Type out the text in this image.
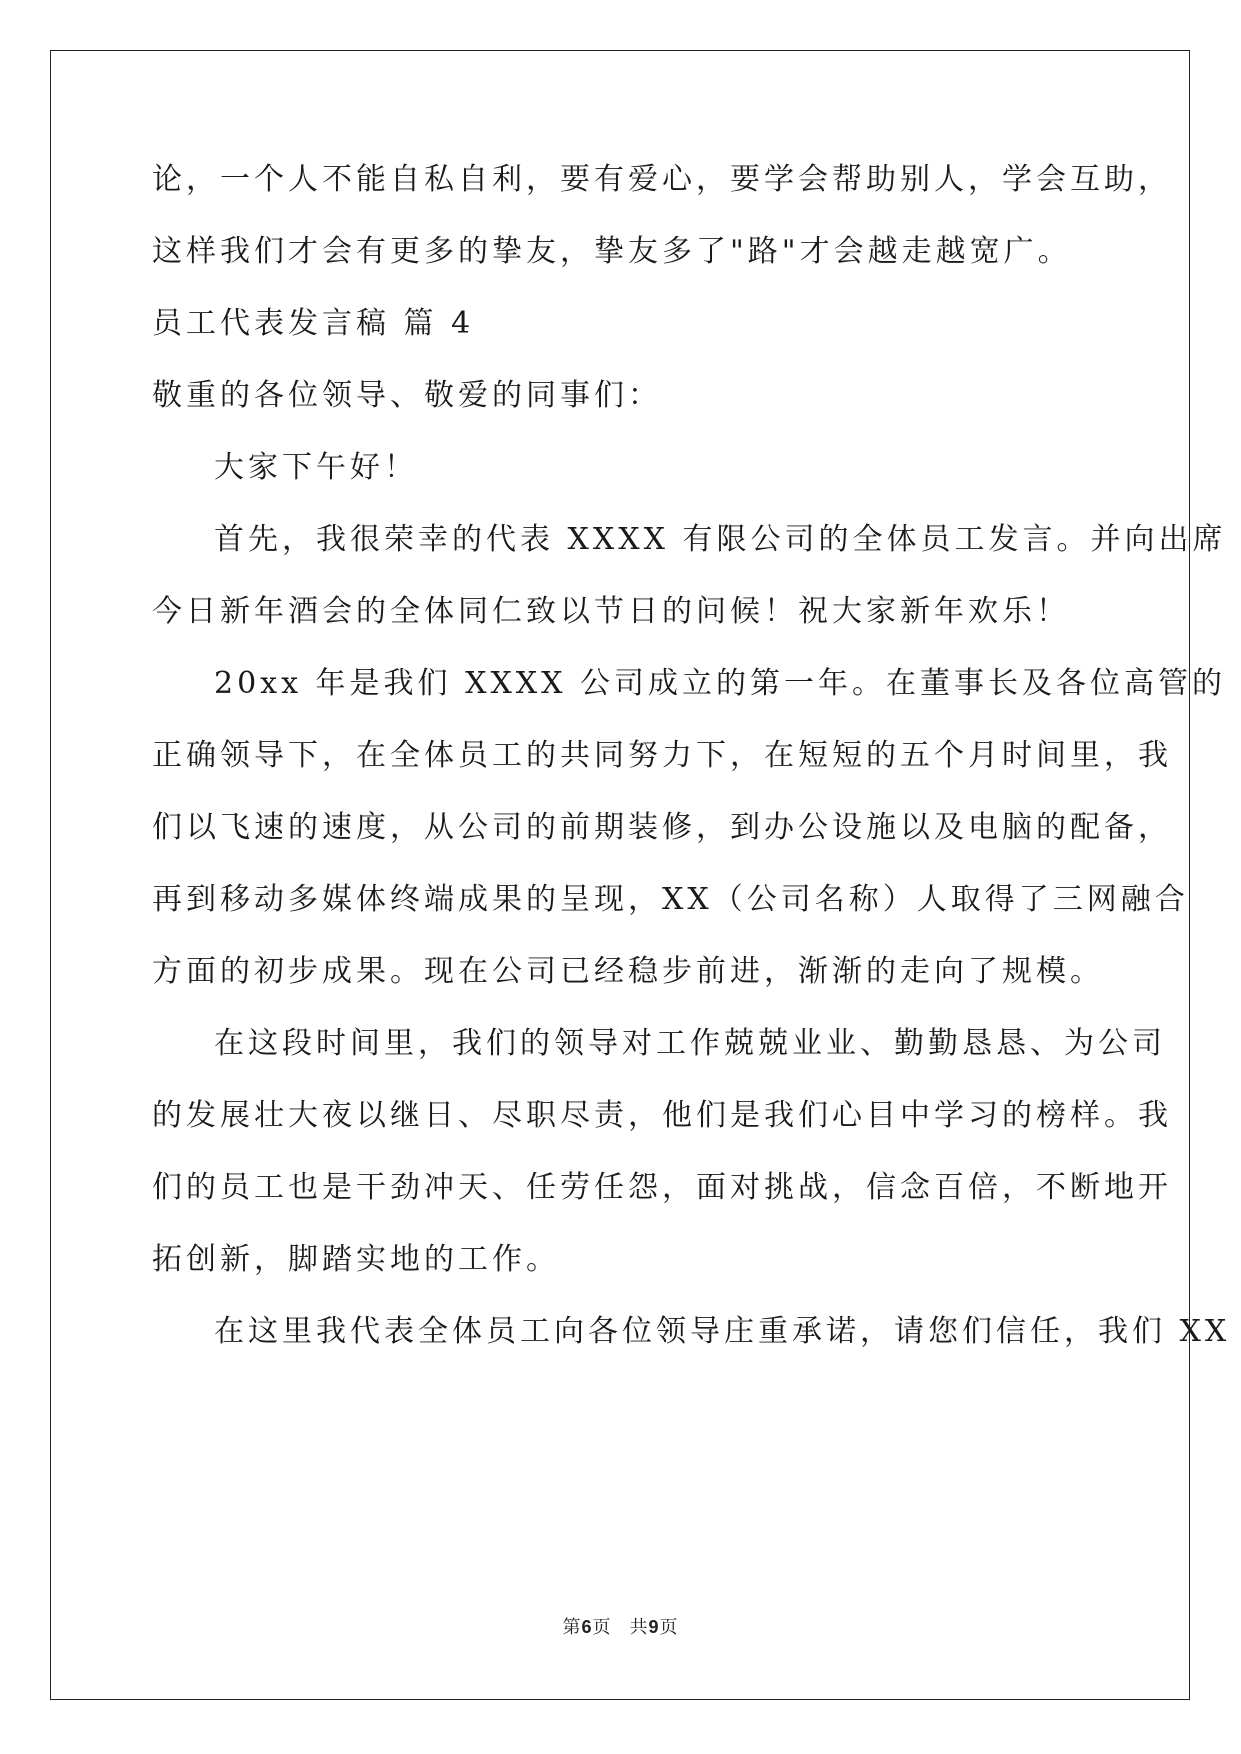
论，一个人不能自私自利，要有爱心，要学会帮助别人，学会互助，
这样我们才会有更多的挚友，挚友多了"路"才会越走越宽广。
员工代表发言稿 篇 4
敬重的各位领导、敬爱的同事们：
大家下午好！
首先，我很荣幸的代表 XXXX 有限公司的全体员工发言。并向出席
今日新年酒会的全体同仁致以节日的问候！祝大家新年欢乐！
20xx 年是我们 XXXX 公司成立的第一年。在董事长及各位高管的
正确领导下，在全体员工的共同努力下，在短短的五个月时间里，我
们以飞速的速度，从公司的前期装修，到办公设施以及电脑的配备，
再到移动多媒体终端成果的呈现，XX（公司名称）人取得了三网融合
方面的初步成果。现在公司已经稳步前进，渐渐的走向了规模。
在这段时间里，我们的领导对工作兢兢业业、勤勤恳恳、为公司
的发展壮大夜以继日、尽职尽责，他们是我们心目中学习的榜样。我
们的员工也是干劲冲天、任劳任怨，面对挑战，信念百倍，不断地开
拓创新，脚踏实地的工作。
在这里我代表全体员工向各位领导庄重承诺，请您们信任，我们 XX
第6页 共9页
